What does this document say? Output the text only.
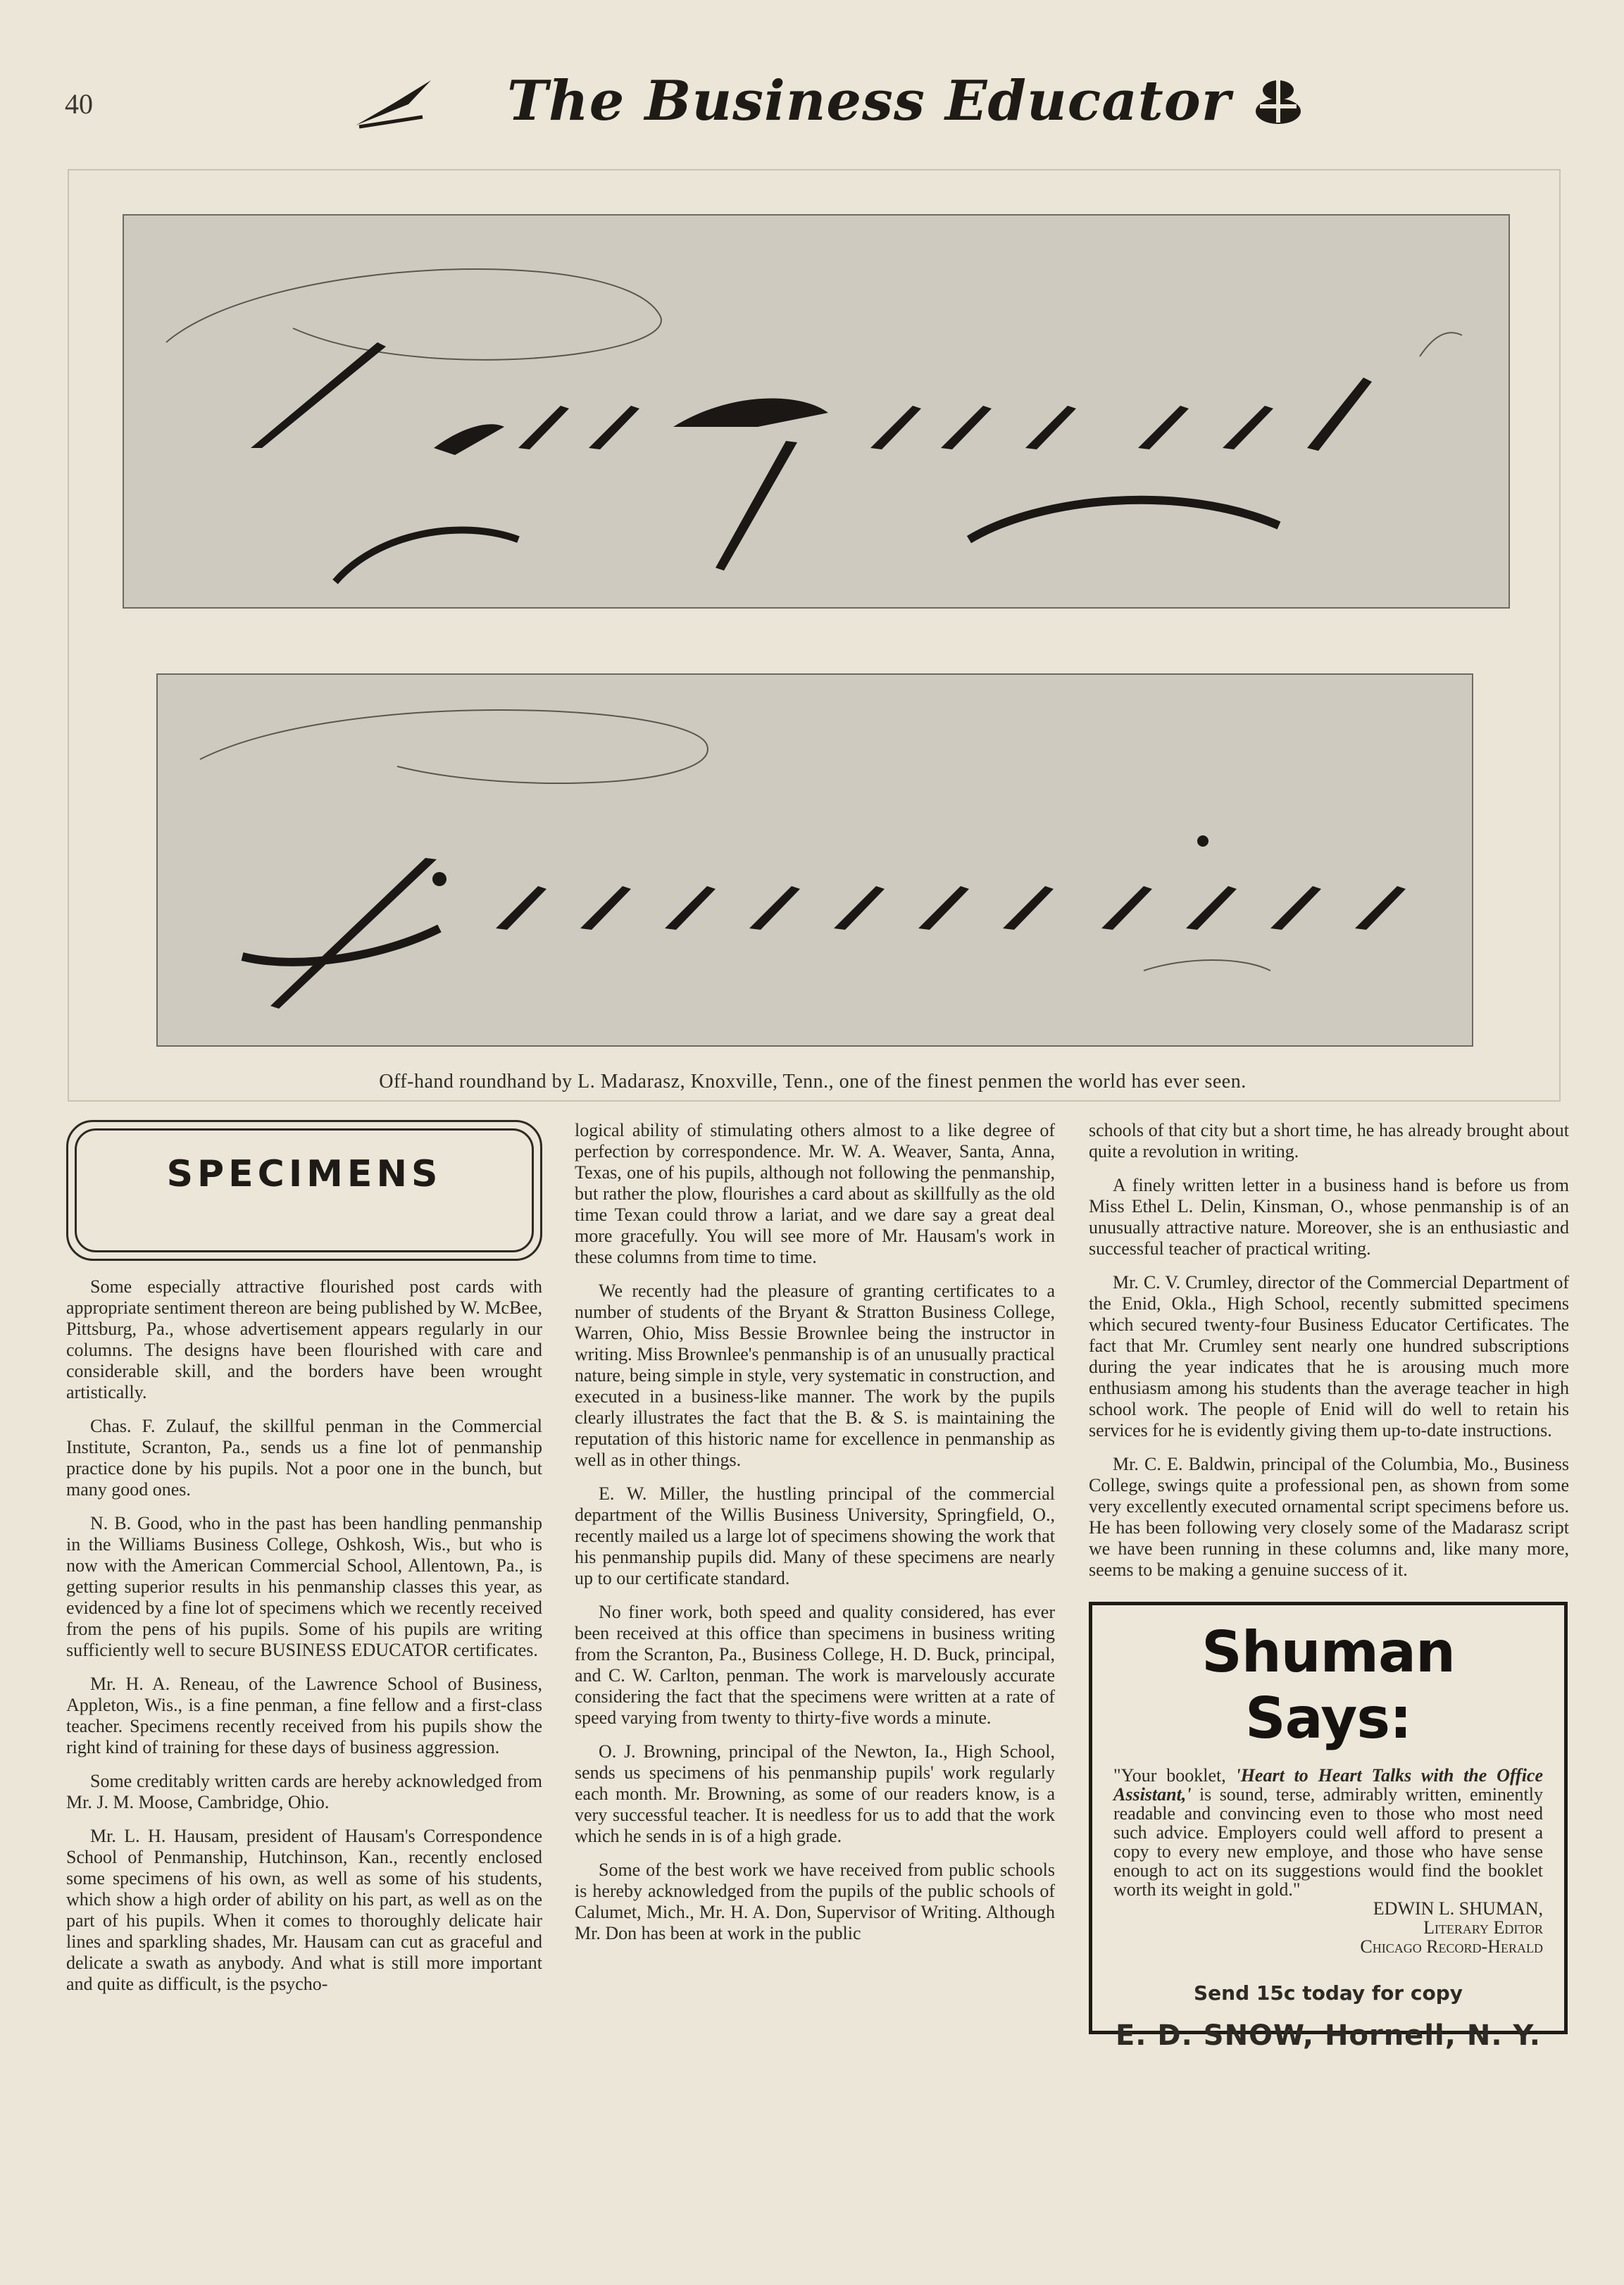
40	The Business Educator
Off-hand roundhand by L. Madarasz, Knoxville, Tenn., one of the finest penmen the world has ever seen.
SPECIMENS

Some especially attractive flourished post cards with appropriate sentiment thereon are being published by W. McBee, Pittsburg, Pa., whose advertisement appears regularly in our columns. The designs have been flourished with care and considerable skill, and the borders have been wrought artistically.

Chas. F. Zulauf, the skillful penman in the Commercial Institute, Scranton, Pa., sends us a fine lot of penmanship practice done by his pupils. Not a poor one in the bunch, but many good ones.

N. B. Good, who in the past has been handling penmanship in the Williams Business College, Oshkosh, Wis., but who is now with the American Commercial School, Allentown, Pa., is getting superior results in his penmanship classes this year, as evidenced by a fine lot of specimens which we recently received from the pens of his pupils. Some of his pupils are writing sufficiently well to secure BUSINESS EDUCATOR certificates.

Mr. H. A. Reneau, of the Lawrence School of Business, Appleton, Wis., is a fine penman, a fine fellow and a first-class teacher. Specimens recently received from his pupils show the right kind of training for these days of business aggression.

Some creditably written cards are hereby acknowledged from Mr. J. M. Moose, Cambridge, Ohio.

Mr. L. H. Hausam, president of Hausam's Correspondence School of Penmanship, Hutchinson, Kan., recently enclosed some specimens of his own, as well as some of his students, which show a high order of ability on his part, as well as on the part of his pupils. When it comes to thoroughly delicate hair lines and sparkling shades, Mr. Hausam can cut as graceful and delicate a swath as anybody. And what is still more important and quite as difficult, is the psycho-

logical ability of stimulating others almost to a like degree of perfection by correspondence. Mr. W. A. Weaver, Santa, Anna, Texas, one of his pupils, although not following the penmanship, but rather the plow, flourishes a card about as skillfully as the old time Texan could throw a lariat, and we dare say a great deal more gracefully. You will see more of Mr. Hausam's work in these columns from time to time.

We recently had the pleasure of granting certificates to a number of students of the Bryant & Stratton Business College, Warren, Ohio, Miss Bessie Brownlee being the instructor in writing. Miss Brownlee's penmanship is of an unusually practical nature, being simple in style, very systematic in construction, and executed in a business-like manner. The work by the pupils clearly illustrates the fact that the B. & S. is maintaining the reputation of this historic name for excellence in penmanship as well as in other things.

E. W. Miller, the hustling principal of the commercial department of the Willis Business University, Springfield, O., recently mailed us a large lot of specimens showing the work that his penmanship pupils did. Many of these specimens are nearly up to our certificate standard.

No finer work, both speed and quality considered, has ever been received at this office than specimens in business writing from the Scranton, Pa., Business College, H. D. Buck, principal, and C. W. Carlton, penman. The work is marvelously accurate considering the fact that the specimens were written at a rate of speed varying from twenty to thirty-five words a minute.

O. J. Browning, principal of the Newton, Ia., High School, sends us specimens of his penmanship pupils' work regularly each month. Mr. Browning, as some of our readers know, is a very successful teacher. It is needless for us to add that the work which he sends in is of a high grade.

Some of the best work we have received from public schools is hereby acknowledged from the pupils of the public schools of Calumet, Mich., Mr. H. A. Don, Supervisor of Writing. Although Mr. Don has been at work in the public

schools of that city but a short time, he has already brought about quite a revolution in writing.

A finely written letter in a business hand is before us from Miss Ethel L. Delin, Kinsman, O., whose penmanship is of an unusually attractive nature. Moreover, she is an enthusiastic and successful teacher of practical writing.

Mr. C. V. Crumley, director of the Commercial Department of the Enid, Okla., High School, recently submitted specimens which secured twenty-four Business Educator Certificates. The fact that Mr. Crumley sent nearly one hundred subscriptions during the year indicates that he is arousing much more enthusiasm among his students than the average teacher in high school work. The people of Enid will do well to retain his services for he is evidently giving them up-to-date instructions.

Mr. C. E. Baldwin, principal of the Columbia, Mo., Business College, swings quite a professional pen, as shown from some very excellently executed ornamental script specimens before us. He has been following very closely some of the Madarasz script we have been running in these columns and, like many more, seems to be making a genuine success of it.

Shuman Says:
"Your booklet, 'Heart to Heart Talks with the Office Assistant,' is sound, terse, admirably written, eminently readable and convincing even to those who most need such advice. Employers could well afford to present a copy to every new employe, and those who have sense enough to act on its suggestions would find the booklet worth its weight in gold."
EDWIN L. SHUMAN,
Literary Editor
Chicago Record-Herald
Send 15c today for copy
E. D. SNOW, Hornell, N. Y.
